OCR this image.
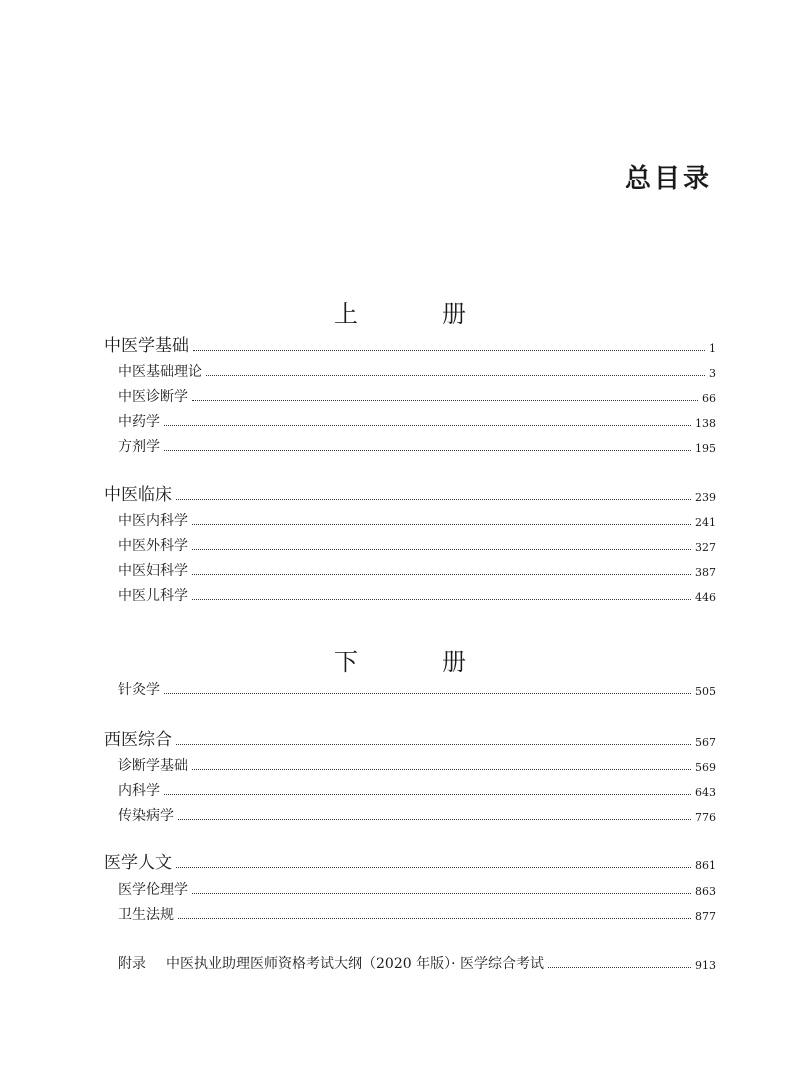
总目录
上　册
中医学基础	1
中医基础理论	3
中医诊断学	66
中药学	138
方剂学	195
中医临床	239
中医内科学	241
中医外科学	327
中医妇科学	387
中医儿科学	446
下　册
针灸学	505
西医综合	567
诊断学基础	569
内科学	643
传染病学	776
医学人文	861
医学伦理学	863
卫生法规	877
附录 中医执业助理医师资格考试大纲（2020 年版）· 医学综合考试	913
